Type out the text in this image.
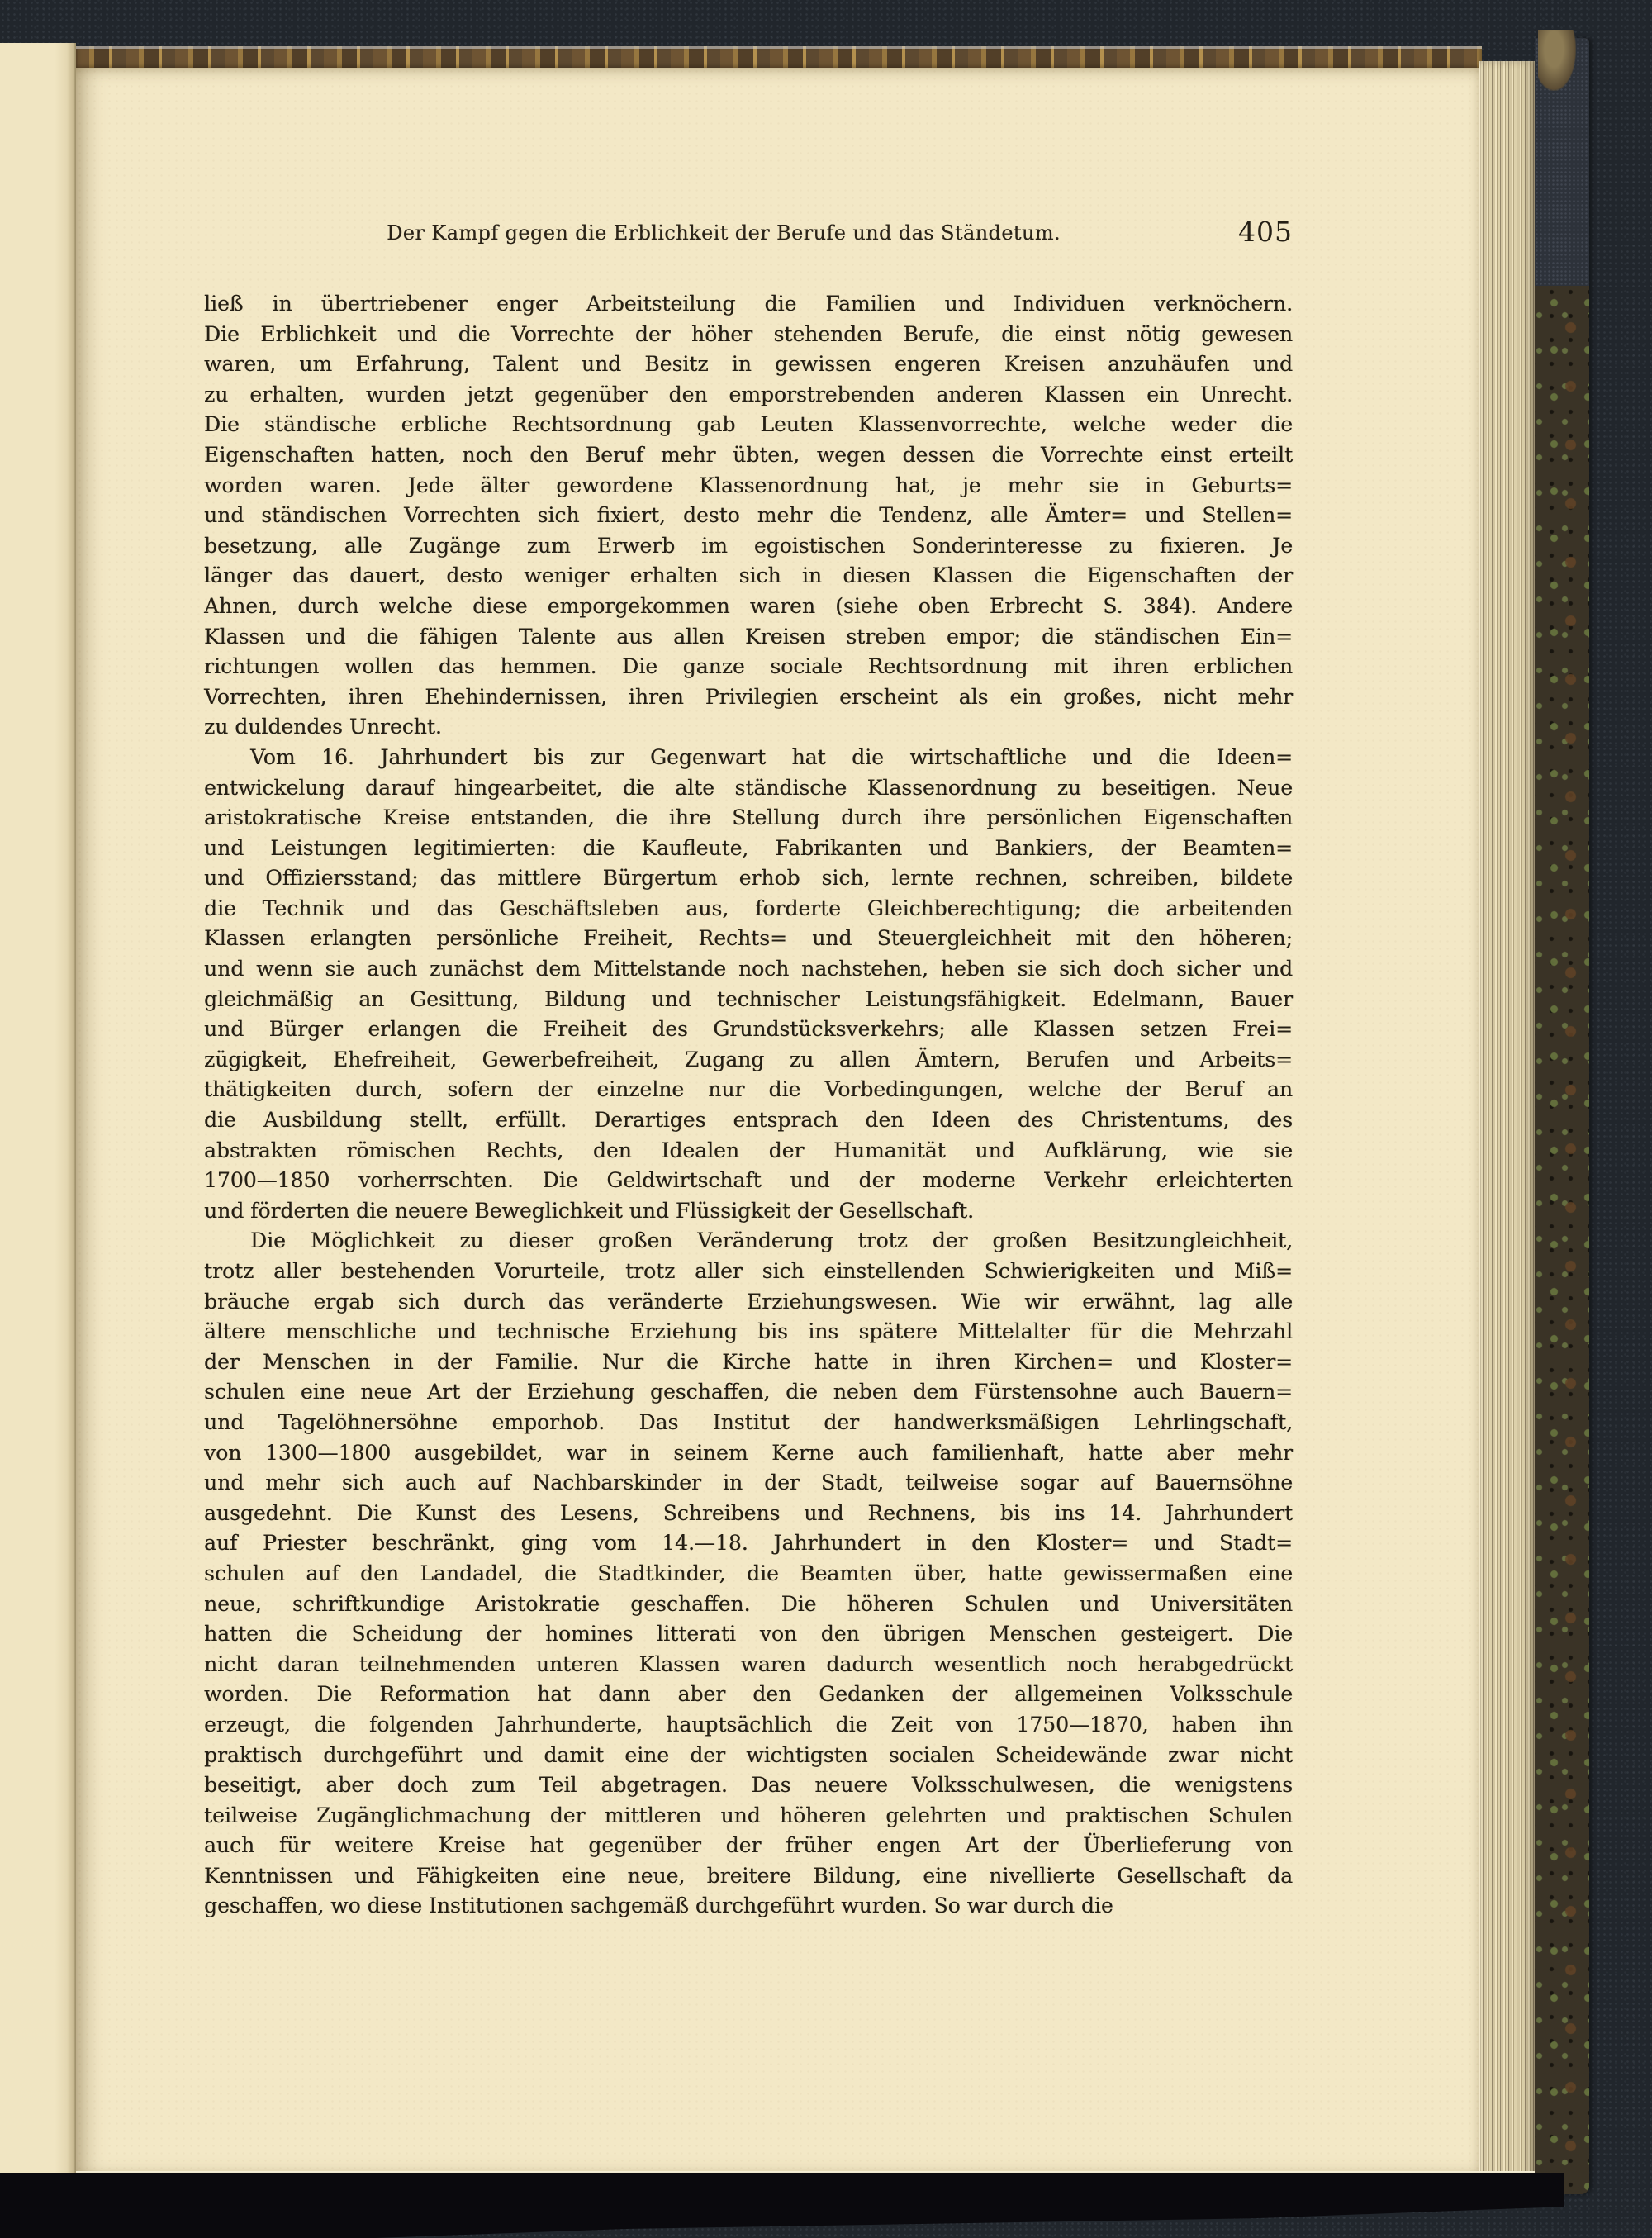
Der Kampf gegen die Erblichkeit der Berufe und das Ständetum.	405
ließ in übertriebener enger Arbeitsteilung die Familien und Individuen verknöchern.
Die Erblichkeit und die Vorrechte der höher stehenden Berufe, die einst nötig gewesen
waren, um Erfahrung, Talent und Besitz in gewissen engeren Kreisen anzuhäufen und
zu erhalten, wurden jetzt gegenüber den emporstrebenden anderen Klassen ein Unrecht.
Die ständische erbliche Rechtsordnung gab Leuten Klassenvorrechte, welche weder die
Eigenschaften hatten, noch den Beruf mehr übten, wegen dessen die Vorrechte einst erteilt
worden waren. Jede älter gewordene Klassenordnung hat, je mehr sie in Geburts=
und ständischen Vorrechten sich fixiert, desto mehr die Tendenz, alle Ämter= und Stellen=
besetzung, alle Zugänge zum Erwerb im egoistischen Sonderinteresse zu fixieren. Je
länger das dauert, desto weniger erhalten sich in diesen Klassen die Eigenschaften der
Ahnen, durch welche diese emporgekommen waren (siehe oben Erbrecht S. 384). Andere
Klassen und die fähigen Talente aus allen Kreisen streben empor; die ständischen Ein=
richtungen wollen das hemmen. Die ganze sociale Rechtsordnung mit ihren erblichen
Vorrechten, ihren Ehehindernissen, ihren Privilegien erscheint als ein großes, nicht mehr
zu duldendes Unrecht.
Vom 16. Jahrhundert bis zur Gegenwart hat die wirtschaftliche und die Ideen=
entwickelung darauf hingearbeitet, die alte ständische Klassenordnung zu beseitigen. Neue
aristokratische Kreise entstanden, die ihre Stellung durch ihre persönlichen Eigenschaften
und Leistungen legitimierten: die Kaufleute, Fabrikanten und Bankiers, der Beamten=
und Offiziersstand; das mittlere Bürgertum erhob sich, lernte rechnen, schreiben, bildete
die Technik und das Geschäftsleben aus, forderte Gleichberechtigung; die arbeitenden
Klassen erlangten persönliche Freiheit, Rechts= und Steuergleichheit mit den höheren;
und wenn sie auch zunächst dem Mittelstande noch nachstehen, heben sie sich doch sicher und
gleichmäßig an Gesittung, Bildung und technischer Leistungsfähigkeit. Edelmann, Bauer
und Bürger erlangen die Freiheit des Grundstücksverkehrs; alle Klassen setzen Frei=
zügigkeit, Ehefreiheit, Gewerbefreiheit, Zugang zu allen Ämtern, Berufen und Arbeits=
thätigkeiten durch, sofern der einzelne nur die Vorbedingungen, welche der Beruf an
die Ausbildung stellt, erfüllt. Derartiges entsprach den Ideen des Christentums, des
abstrakten römischen Rechts, den Idealen der Humanität und Aufklärung, wie sie
1700—1850 vorherrschten. Die Geldwirtschaft und der moderne Verkehr erleichterten
und förderten die neuere Beweglichkeit und Flüssigkeit der Gesellschaft.
Die Möglichkeit zu dieser großen Veränderung trotz der großen Besitzungleichheit,
trotz aller bestehenden Vorurteile, trotz aller sich einstellenden Schwierigkeiten und Miß=
bräuche ergab sich durch das veränderte Erziehungswesen. Wie wir erwähnt, lag alle
ältere menschliche und technische Erziehung bis ins spätere Mittelalter für die Mehrzahl
der Menschen in der Familie. Nur die Kirche hatte in ihren Kirchen= und Kloster=
schulen eine neue Art der Erziehung geschaffen, die neben dem Fürstensohne auch Bauern=
und Tagelöhnersöhne emporhob. Das Institut der handwerksmäßigen Lehrlingschaft,
von 1300—1800 ausgebildet, war in seinem Kerne auch familienhaft, hatte aber mehr
und mehr sich auch auf Nachbarskinder in der Stadt, teilweise sogar auf Bauernsöhne
ausgedehnt. Die Kunst des Lesens, Schreibens und Rechnens, bis ins 14. Jahrhundert
auf Priester beschränkt, ging vom 14.—18. Jahrhundert in den Kloster= und Stadt=
schulen auf den Landadel, die Stadtkinder, die Beamten über, hatte gewissermaßen eine
neue, schriftkundige Aristokratie geschaffen. Die höheren Schulen und Universitäten
hatten die Scheidung der homines litterati von den übrigen Menschen gesteigert. Die
nicht daran teilnehmenden unteren Klassen waren dadurch wesentlich noch herabgedrückt
worden. Die Reformation hat dann aber den Gedanken der allgemeinen Volksschule
erzeugt, die folgenden Jahrhunderte, hauptsächlich die Zeit von 1750—1870, haben ihn
praktisch durchgeführt und damit eine der wichtigsten socialen Scheidewände zwar nicht
beseitigt, aber doch zum Teil abgetragen. Das neuere Volksschulwesen, die wenigstens
teilweise Zugänglichmachung der mittleren und höheren gelehrten und praktischen Schulen
auch für weitere Kreise hat gegenüber der früher engen Art der Überlieferung von
Kenntnissen und Fähigkeiten eine neue, breitere Bildung, eine nivellierte Gesellschaft da
geschaffen, wo diese Institutionen sachgemäß durchgeführt wurden. So war durch die
